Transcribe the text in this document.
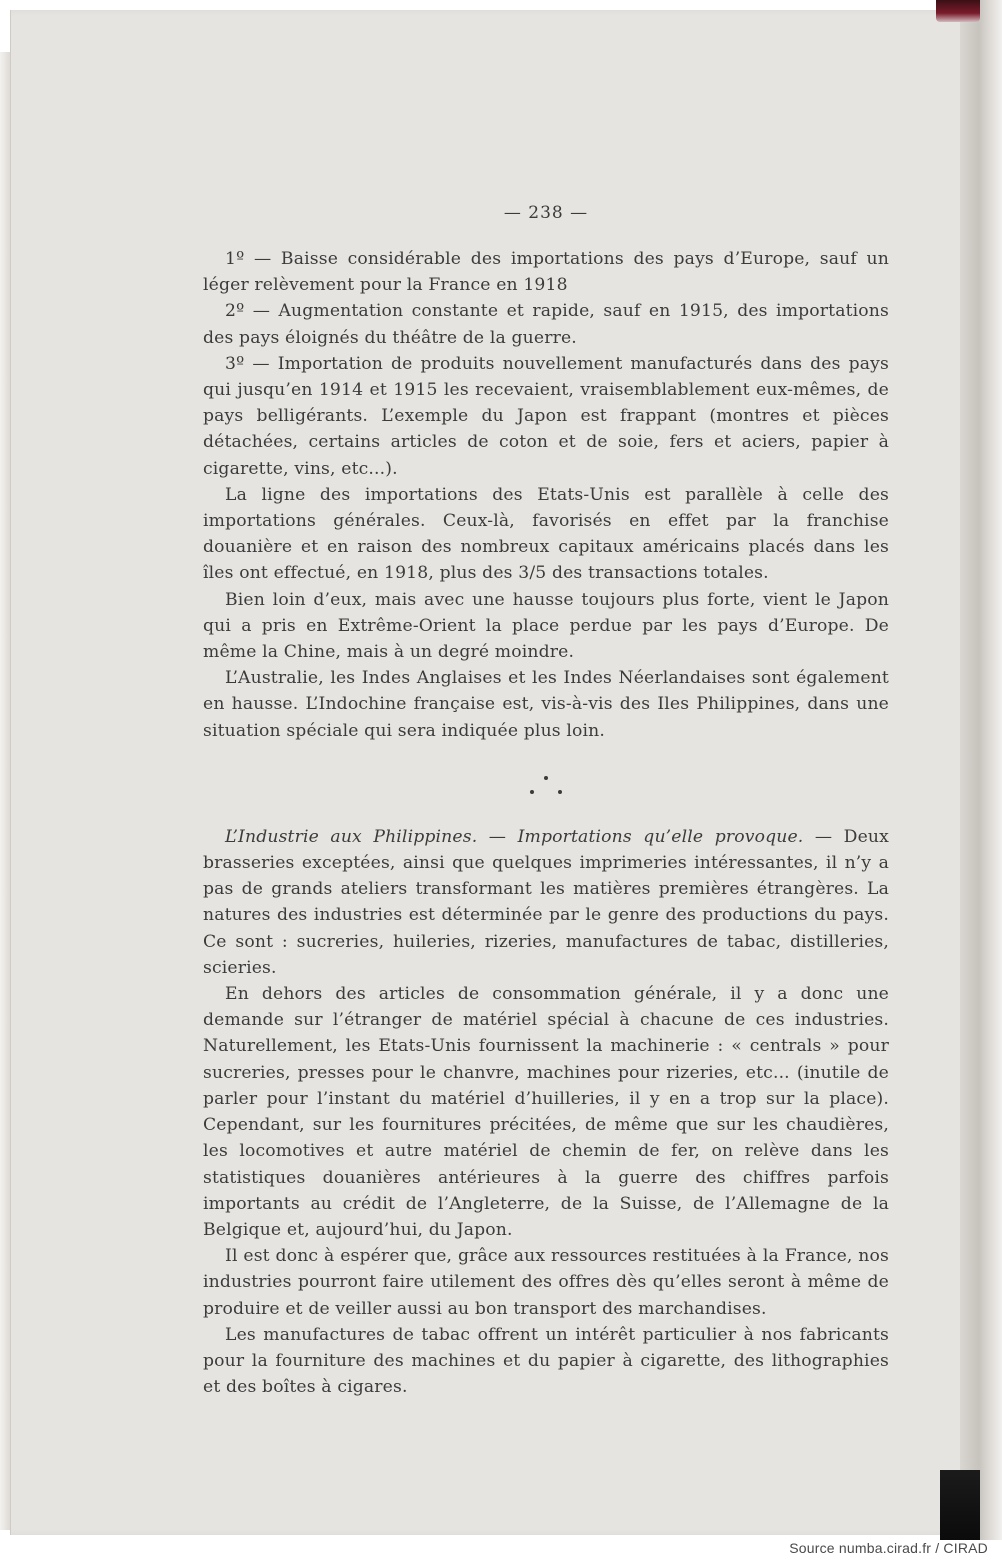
— 238 —

1º — Baisse considérable des importations des pays d’Europe, sauf un léger relèvement pour la France en 1918

2º — Augmentation constante et rapide, sauf en 1915, des importations des pays éloignés du théâtre de la guerre.

3º — Importation de produits nouvellement manufacturés dans des pays qui jusqu’en 1914 et 1915 les recevaient, vraisemblablement eux-mêmes, de pays belligérants. L’exemple du Japon est frappant (montres et pièces détachées, certains articles de coton et de soie, fers et aciers, papier à cigarette, vins, etc...).

La ligne des importations des Etats-Unis est parallèle à celle des importations générales. Ceux-là, favorisés en effet par la franchise douanière et en raison des nombreux capitaux américains placés dans les îles ont effectué, en 1918, plus des 3/5 des transactions totales.

Bien loin d’eux, mais avec une hausse toujours plus forte, vient le Japon qui a pris en Extrême-Orient la place perdue par les pays d’Europe. De même la Chine, mais à un degré moindre.

L’Australie, les Indes Anglaises et les Indes Néerlandaises sont également en hausse. L’Indochine française est, vis-à-vis des Iles Philippines, dans une situation spéciale qui sera indiquée plus loin.

L’Industrie aux Philippines. — Importations qu’elle provoque. — Deux brasseries exceptées, ainsi que quelques imprimeries intéressantes, il n’y a pas de grands ateliers transformant les matières premières étrangères. La natures des industries est déterminée par le genre des productions du pays. Ce sont : sucreries, huileries, rizeries, manufactures de tabac, distilleries, scieries.

En dehors des articles de consommation générale, il y a donc une demande sur l’étranger de matériel spécial à chacune de ces industries. Naturellement, les Etats-Unis fournissent la machinerie : « centrals » pour sucreries, presses pour le chanvre, machines pour rizeries, etc... (inutile de parler pour l’instant du matériel d’huilleries, il y en a trop sur la place). Cependant, sur les fournitures précitées, de même que sur les chaudières, les locomotives et autre matériel de chemin de fer, on relève dans les statistiques douanières antérieures à la guerre des chiffres parfois importants au crédit de l’Angleterre, de la Suisse, de l’Allemagne de la Belgique et, aujourd’hui, du Japon.

Il est donc à espérer que, grâce aux ressources restituées à la France, nos industries pourront faire utilement des offres dès qu’elles seront à même de produire et de veiller aussi au bon transport des marchandises.

Les manufactures de tabac offrent un intérêt particulier à nos fabricants pour la fourniture des machines et du papier à cigarette, des lithographies et des boîtes à cigares.

Source numba.cirad.fr / CIRAD
